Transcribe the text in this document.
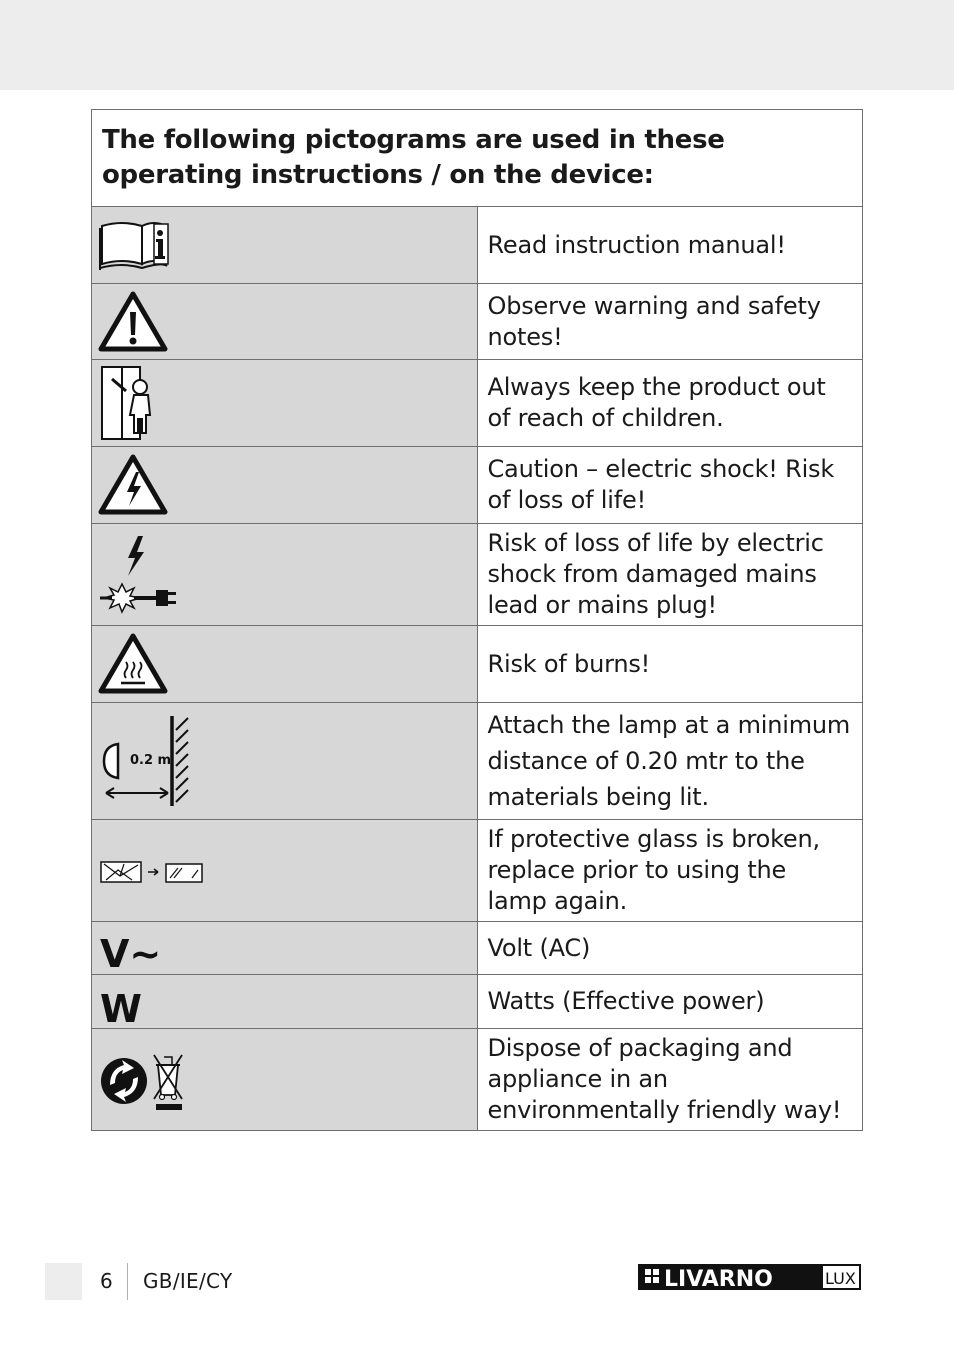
The following pictograms are used in these operating instructions / on the device:	

	Read instruction manual!

	Observe warning and safety notes!

	Always keep the product out of reach of children.

	Caution – electric shock! Risk of loss of life!

	Risk of loss of life by electric shock from damaged mains lead or mains plug!

	Risk of burns!

0.2 m	Attach the lamp at a minimum distance of 0.20 mtr to the materials being lit.

	If protective glass is broken, replace prior to using the lamp again.

V~	Volt (AC)

W	Watts (Effective power)

	Dispose of packaging and appliance in an environmentally friendly way!
6 GB/IE/CY	LIVARNO	LUX
